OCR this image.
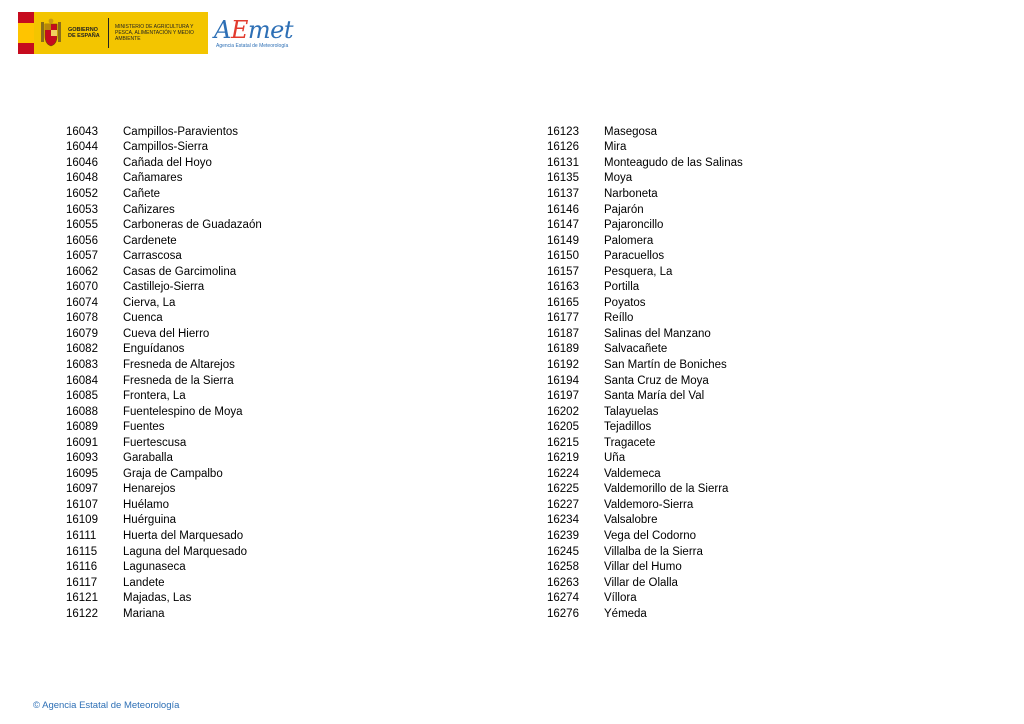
GOBIERNO DE ESPAÑA
MINISTERIO DE AGRICULTURA Y PESCA, ALIMENTACIÓN Y MEDIO AMBIENTE	AEmet
Agencia Estatal de Meteorología
16043	Campillos-Paravientos
16044	Campillos-Sierra
16046	Cañada del Hoyo
16048	Cañamares
16052	Cañete
16053	Cañizares
16055	Carboneras de Guadazaón
16056	Cardenete
16057	Carrascosa
16062	Casas de Garcimolina
16070	Castillejo-Sierra
16074	Cierva, La
16078	Cuenca
16079	Cueva del Hierro
16082	Enguídanos
16083	Fresneda de Altarejos
16084	Fresneda de la Sierra
16085	Frontera, La
16088	Fuentelespino de Moya
16089	Fuentes
16091	Fuertescusa
16093	Garaballa
16095	Graja de Campalbo
16097	Henarejos
16107	Huélamo
16109	Huérguina
16111	Huerta del Marquesado
16115	Laguna del Marquesado
16116	Lagunaseca
16117	Landete
16121	Majadas, Las
16122	Mariana
16123	Masegosa
16126	Mira
16131	Monteagudo de las Salinas
16135	Moya
16137	Narboneta
16146	Pajarón
16147	Pajaroncillo
16149	Palomera
16150	Paracuellos
16157	Pesquera, La
16163	Portilla
16165	Poyatos
16177	Reíllo
16187	Salinas del Manzano
16189	Salvacañete
16192	San Martín de Boniches
16194	Santa Cruz de Moya
16197	Santa María del Val
16202	Talayuelas
16205	Tejadillos
16215	Tragacete
16219	Uña
16224	Valdemeca
16225	Valdemorillo de la Sierra
16227	Valdemoro-Sierra
16234	Valsalobre
16239	Vega del Codorno
16245	Villalba de la Sierra
16258	Villar del Humo
16263	Villar de Olalla
16274	Víllora
16276	Yémeda
© Agencia Estatal de Meteorología
